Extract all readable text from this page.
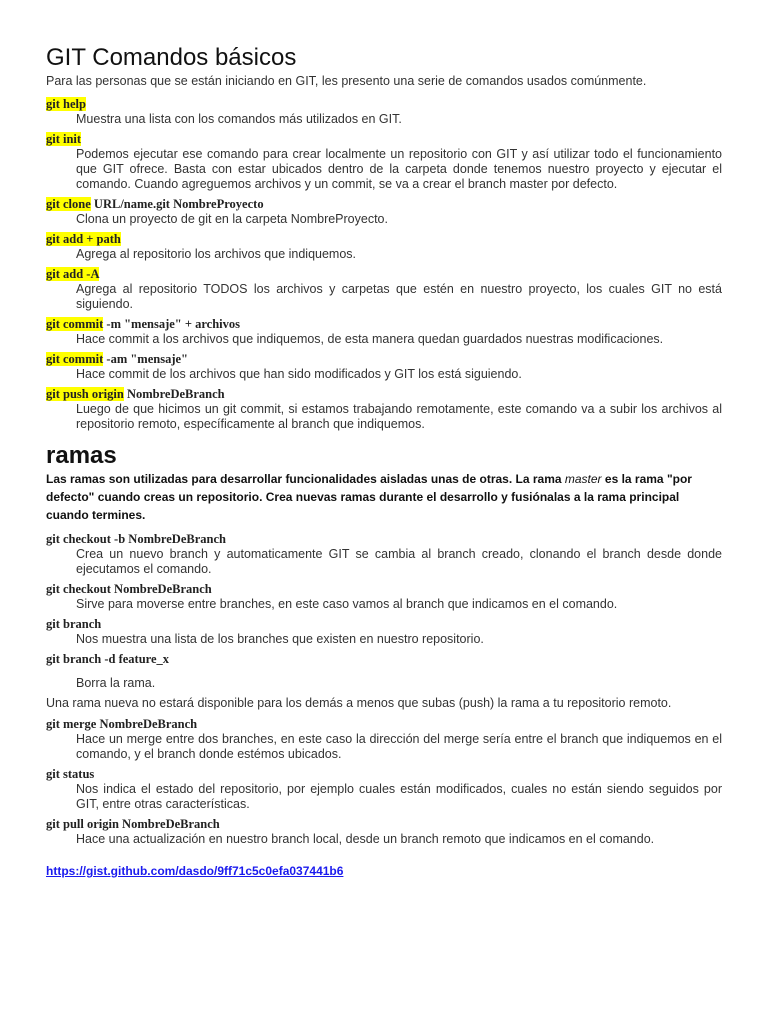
GIT Comandos básicos

Para las personas que se están iniciando en GIT, les presento una serie de comandos usados comúnmente.

git help

Muestra una lista con los comandos más utilizados en GIT.

git init

Podemos ejecutar ese comando para crear localmente un repositorio con GIT y así utilizar todo el funcionamiento que GIT ofrece. Basta con estar ubicados dentro de la carpeta donde tenemos nuestro proyecto y ejecutar el comando. Cuando agreguemos archivos y un commit, se va a crear el branch master por defecto.

git clone URL/name.git NombreProyecto

Clona un proyecto de git en la carpeta NombreProyecto.

git add + path

Agrega al repositorio los archivos que indiquemos.

git add -A

Agrega al repositorio TODOS los archivos y carpetas que estén en nuestro proyecto, los cuales GIT no está siguiendo.

git commit -m "mensaje" + archivos

Hace commit a los archivos que indiquemos, de esta manera quedan guardados nuestras modificaciones.

git commit -am "mensaje"

Hace commit de los archivos que han sido modificados y GIT los está siguiendo.

git push origin NombreDeBranch

Luego de que hicimos un git commit, si estamos trabajando remotamente, este comando va a subir los archivos al repositorio remoto, específicamente al branch que indiquemos.

ramas

Las ramas son utilizadas para desarrollar funcionalidades aisladas unas de otras. La rama master es la rama "por defecto" cuando creas un repositorio. Crea nuevas ramas durante el desarrollo y fusiónalas a la rama principal cuando termines.

git checkout -b NombreDeBranch

Crea un nuevo branch y automaticamente GIT se cambia al branch creado, clonando el branch desde donde ejecutamos el comando.

git checkout NombreDeBranch

Sirve para moverse entre branches, en este caso vamos al branch que indicamos en el comando.

git branch

Nos muestra una lista de los branches que existen en nuestro repositorio.

git branch -d feature_x

Borra la rama.

Una rama nueva no estará disponible para los demás a menos que subas (push) la rama a tu repositorio remoto.

git merge NombreDeBranch

Hace un merge entre dos branches, en este caso la dirección del merge sería entre el branch que indiquemos en el comando, y el branch donde estémos ubicados.

git status

Nos indica el estado del repositorio, por ejemplo cuales están modificados, cuales no están siendo seguidos por GIT, entre otras características.

git pull origin NombreDeBranch

Hace una actualización en nuestro branch local, desde un branch remoto que indicamos en el comando.

https://gist.github.com/dasdo/9ff71c5c0efa037441b6
